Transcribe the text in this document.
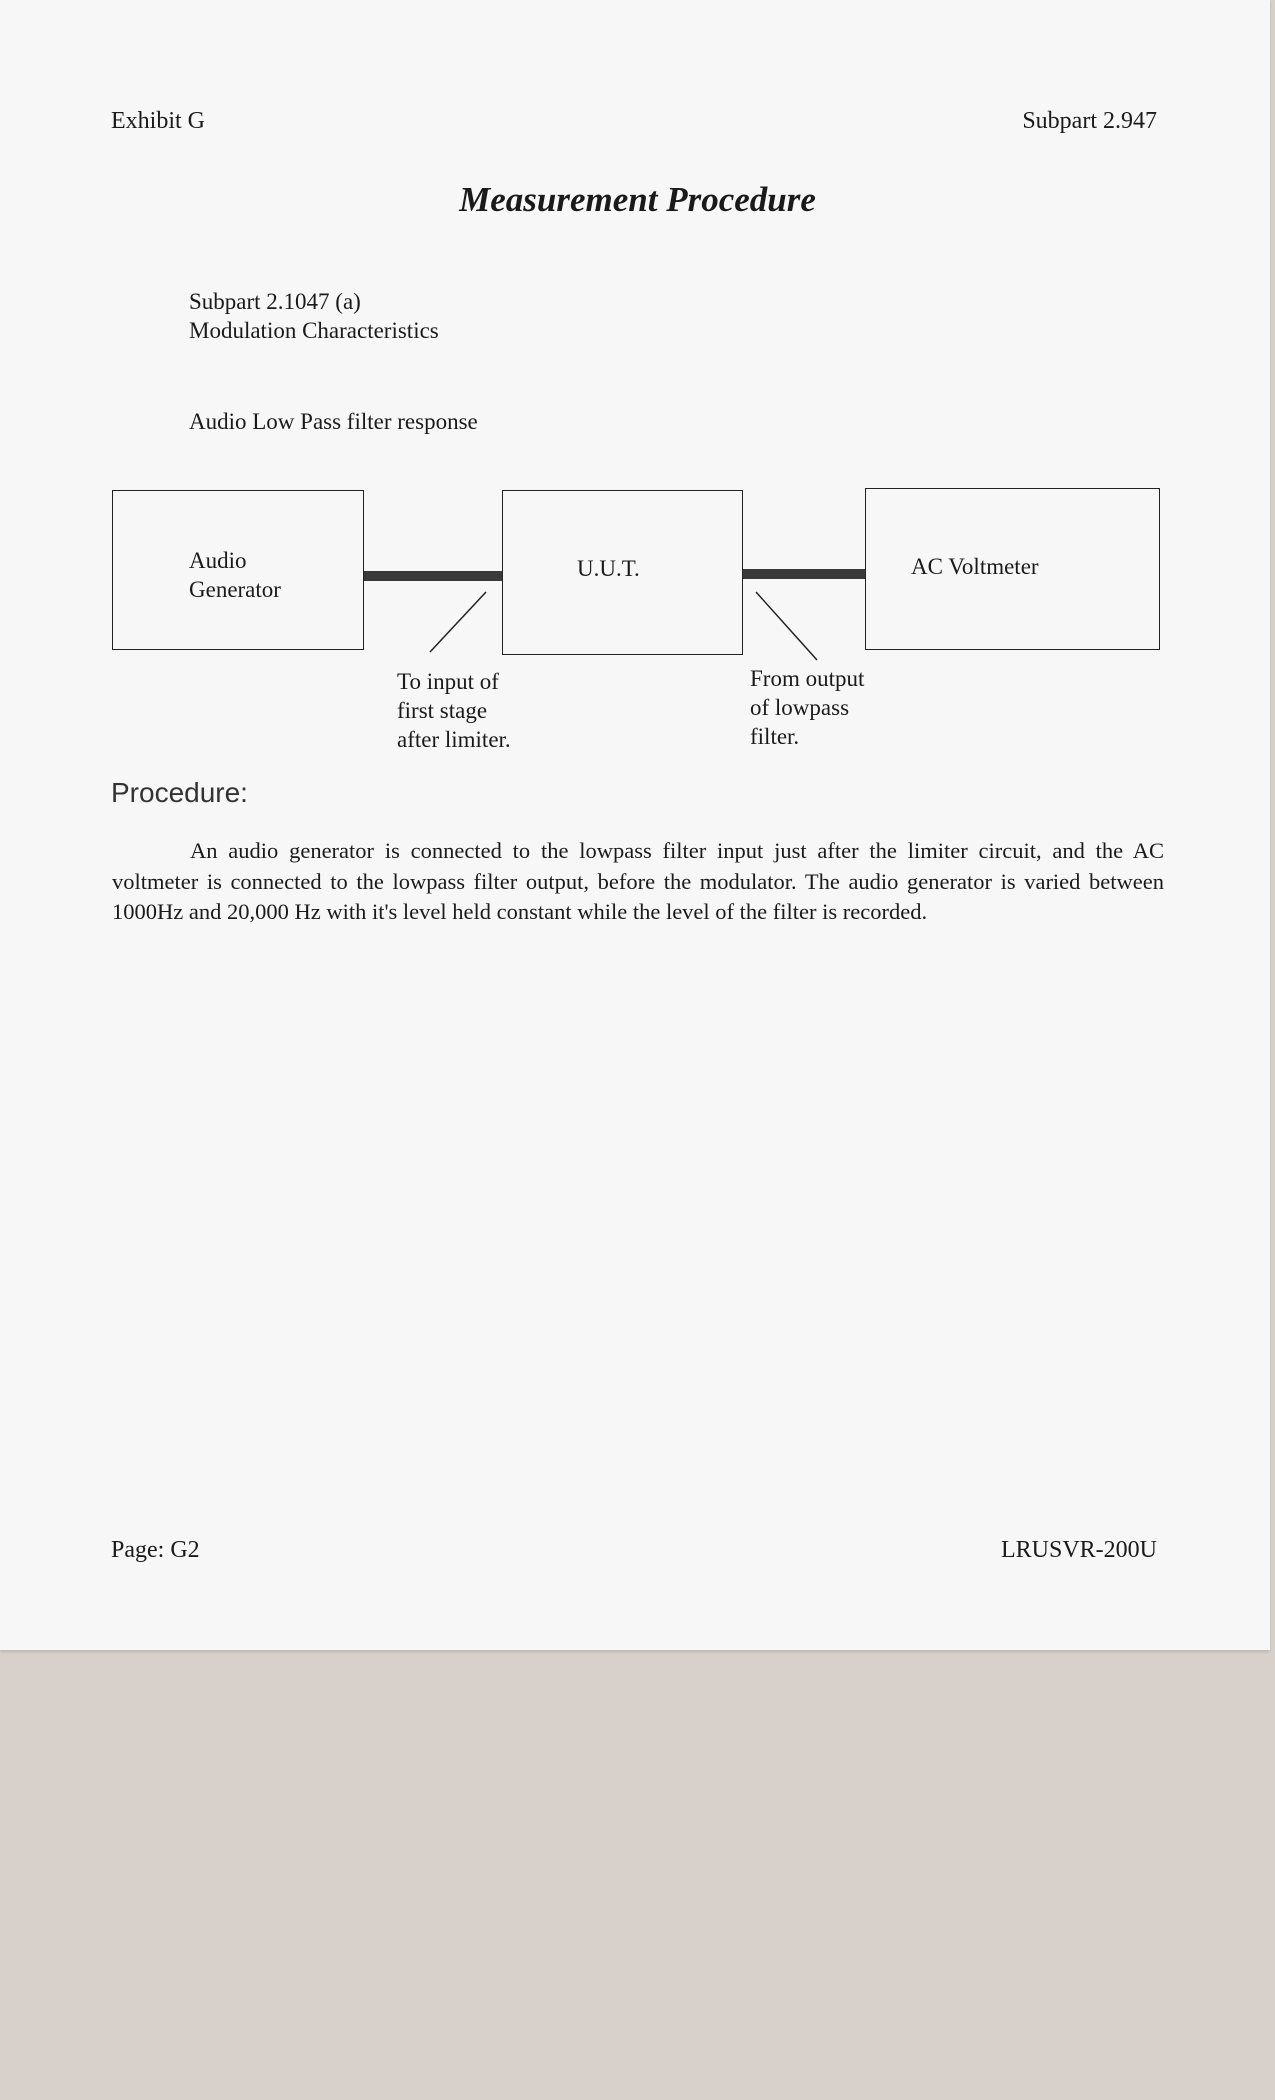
Exhibit G	Subpart 2.947
Measurement Procedure
Subpart 2.1047 (a)
Modulation Characteristics
Audio Low Pass filter response
Audio
Generator
U.U.T.	AC Voltmeter
To input of
first stage
after limiter.
From output
of lowpass
filter.
Procedure:

An audio generator is connected to the lowpass filter input just after the limiter circuit, and the AC voltmeter is connected to the lowpass filter output, before the modulator. The audio generator is varied between 1000Hz and 20,000 Hz with it's level held constant while the level of the filter is recorded.

Page: G2	LRUSVR-200U
